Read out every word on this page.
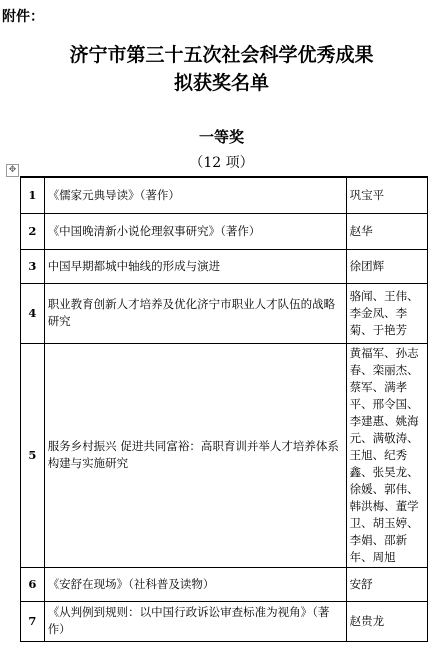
附件：
济宁市第三十五次社会科学优秀成果
拟获奖名单
一等奖
（12 项）
✥
1	《儒家元典导读》（著作）	巩宝平
2	《中国晚清新小说伦理叙事研究》（著作）	赵华
3	中国早期都城中轴线的形成与演进	徐团辉
4	职业教育创新人才培养及优化济宁市职业人才队伍的战略研究	骆闻、王伟、李金凤、李菊、于艳芳
5	服务乡村振兴 促进共同富裕：高职育训并举人才培养体系构建与实施研究	黄福军、孙志春、栾丽杰、蔡军、满孝平、邢令国、李建惠、姚海元、满敬涛、王旭、纪秀鑫、张昊龙、徐媛、郭伟、韩洪梅、董学卫、胡玉婷、李娟、邵新年、周旭
6	《安舒在现场》（社科普及读物）	安舒
7	《从判例到规则：以中国行政诉讼审查标准为视角》（著作）	赵贵龙
